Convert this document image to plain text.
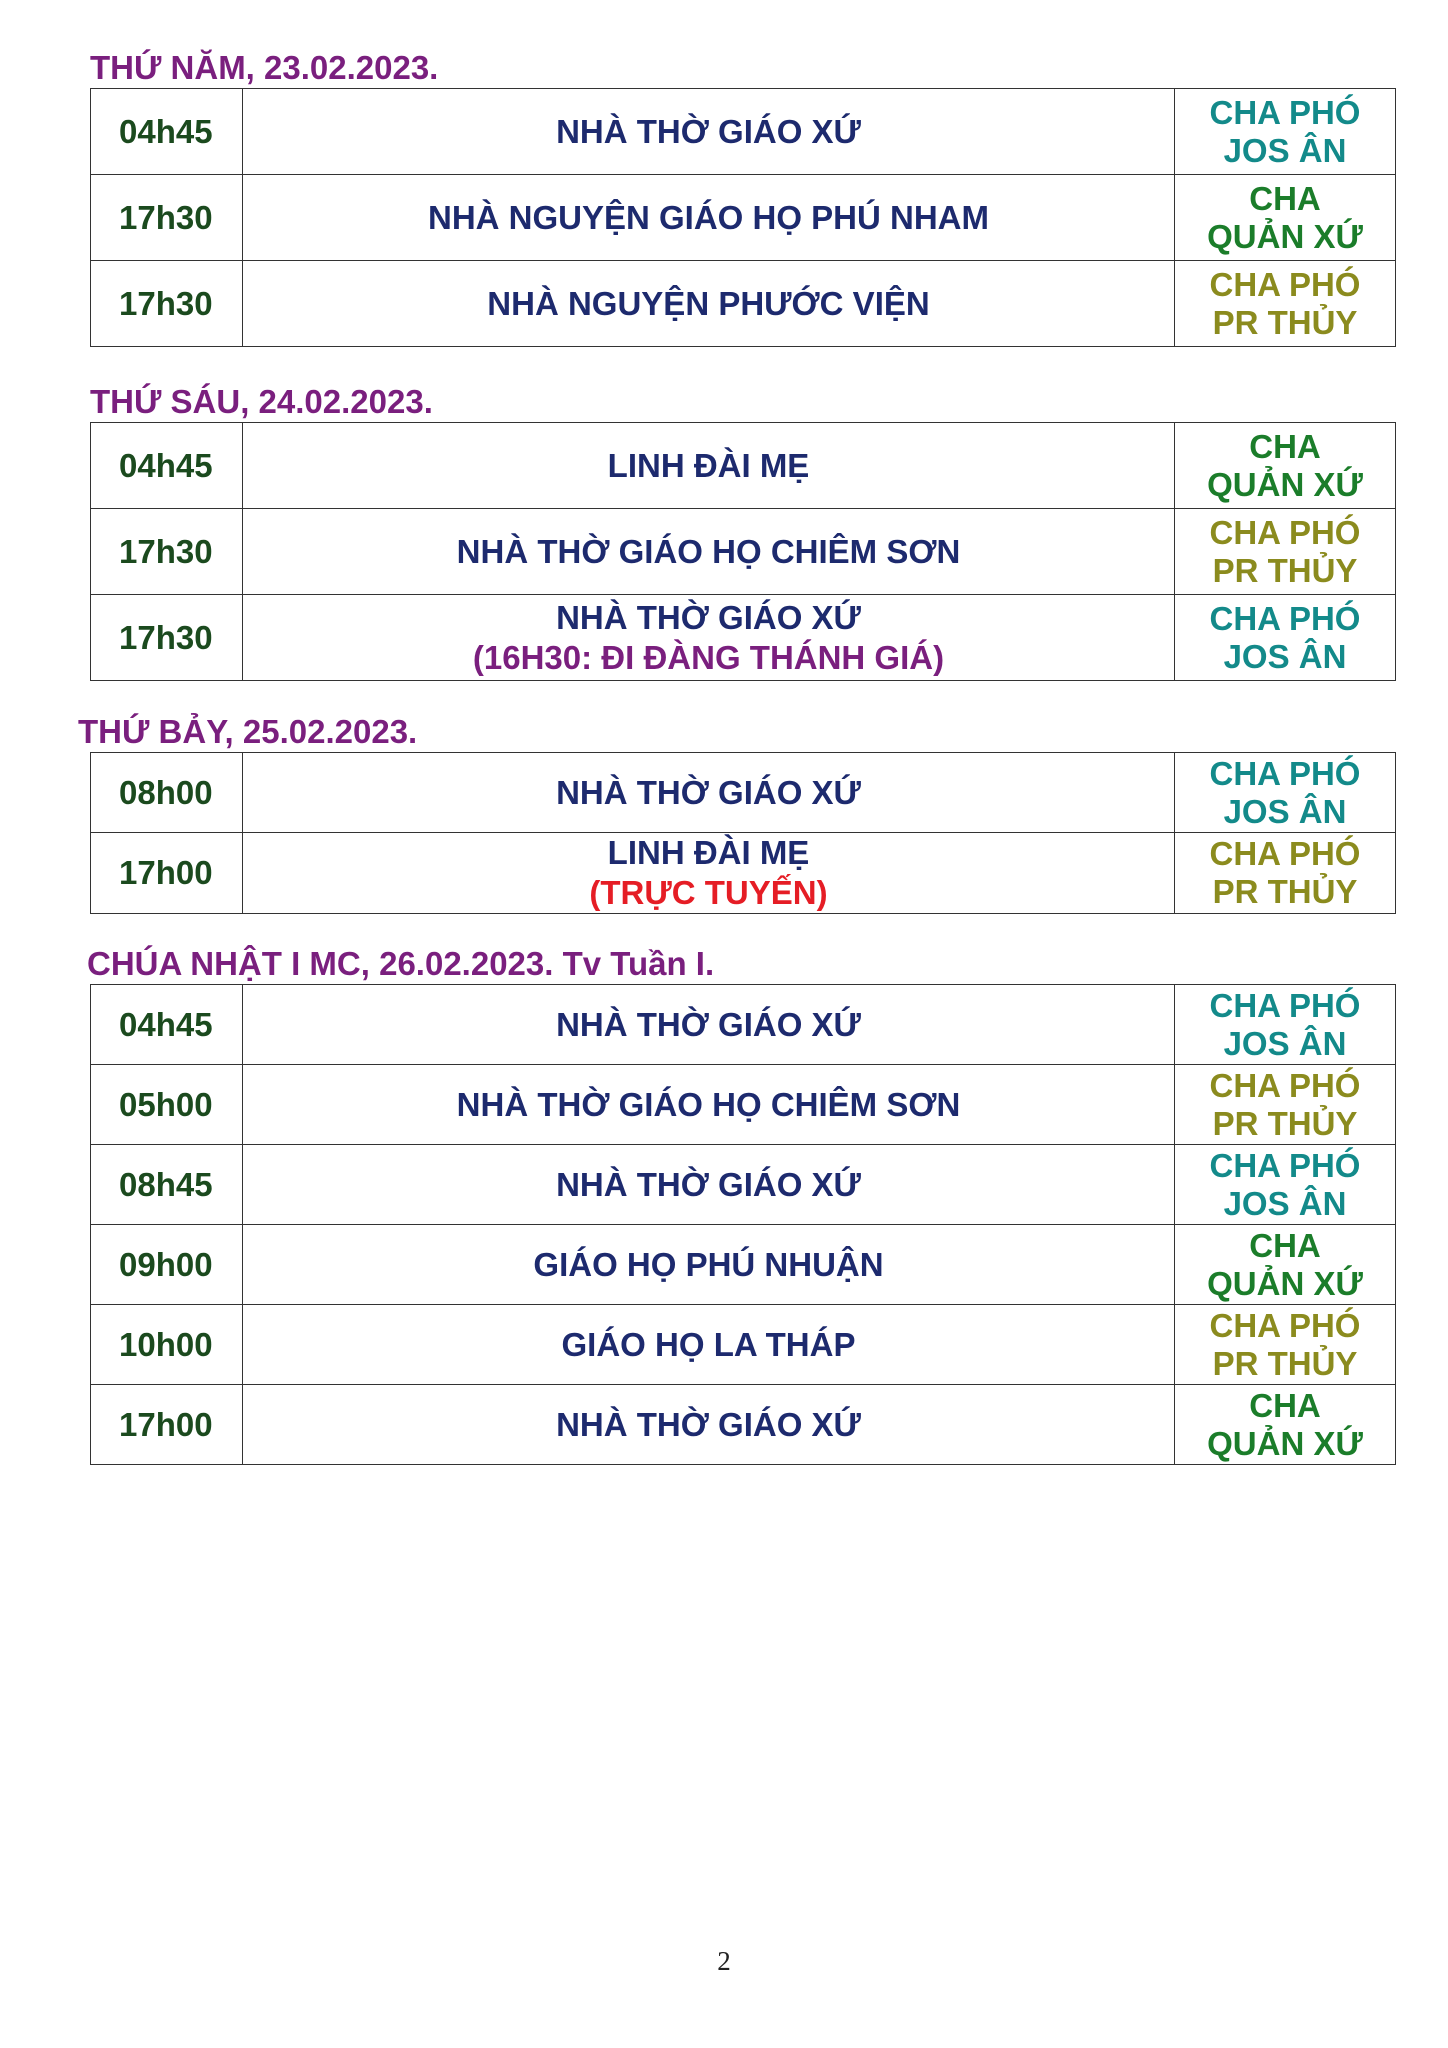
THỨ NĂM, 23.02.2023.
04h45	NHÀ THỜ GIÁO XỨ	CHA PHÓ
JOS ÂN
17h30	NHÀ NGUYỆN GIÁO HỌ PHÚ NHAM	CHA
QUẢN XỨ
17h30	NHÀ NGUYỆN PHƯỚC VIỆN	CHA PHÓ
PR THỦY
THỨ SÁU, 24.02.2023.
04h45	LINH ĐÀI MẸ	CHA
QUẢN XỨ
17h30	NHÀ THỜ GIÁO HỌ CHIÊM SƠN	CHA PHÓ
PR THỦY
17h30	NHÀ THỜ GIÁO XỨ
(16H30: ĐI ĐÀNG THÁNH GIÁ)	CHA PHÓ
JOS ÂN
THỨ BẢY, 25.02.2023.
08h00	NHÀ THỜ GIÁO XỨ	CHA PHÓ
JOS ÂN
17h00	LINH ĐÀI MẸ
(TRỰC TUYẾN)	CHA PHÓ
PR THỦY
CHÚA NHẬT I MC, 26.02.2023. Tv Tuần I.
04h45	NHÀ THỜ GIÁO XỨ	CHA PHÓ
JOS ÂN
05h00	NHÀ THỜ GIÁO HỌ CHIÊM SƠN	CHA PHÓ
PR THỦY
08h45	NHÀ THỜ GIÁO XỨ	CHA PHÓ
JOS ÂN
09h00	GIÁO HỌ PHÚ NHUẬN	CHA
QUẢN XỨ
10h00	GIÁO HỌ LA THÁP	CHA PHÓ
PR THỦY
17h00	NHÀ THỜ GIÁO XỨ	CHA
QUẢN XỨ
2
